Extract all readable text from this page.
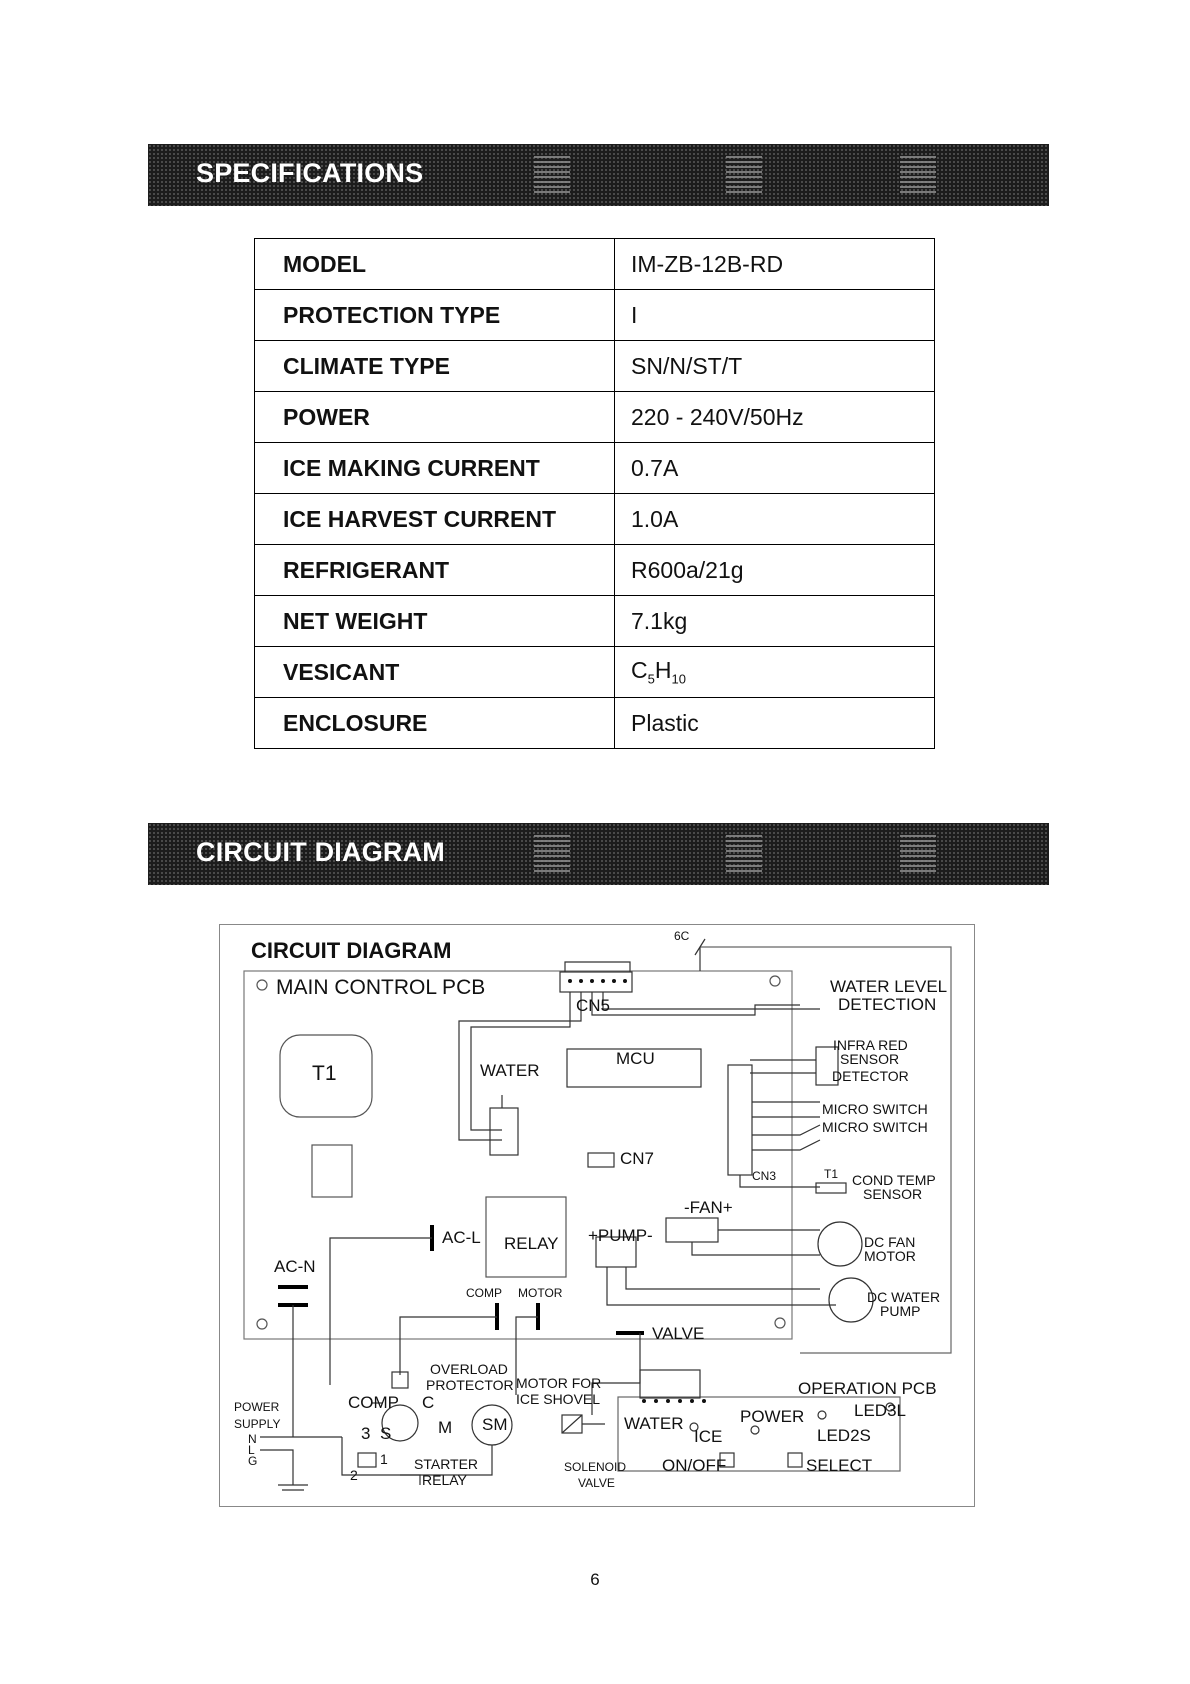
SPECIFICATIONS
MODEL	IM-ZB-12B-RD
PROTECTION TYPE	I
CLIMATE TYPE	SN/N/ST/T
POWER	220 - 240V/50Hz
ICE MAKING CURRENT	0.7A
ICE HARVEST CURRENT	1.0A
REFRIGERANT	R600a/21g
NET WEIGHT	7.1kg
VESICANT	$C_5H_{10}$
ENCLOSURE	Plastic
CIRCUIT DIAGRAM
CIRCUIT DIAGRAM
MAIN CONTROL PCB
6C
CN5
WATER LEVEL
DETECTION
T1	WATER
MCU
INFRA RED
SENSOR
DETECTOR
MICRO SWITCH
MICRO SWITCH
CN7
CN3	T1 COND TEMP
SENSOR
-FAN+
AC-L RELAY +PUMP-	DC FAN
MOTOR
AC-N
COMP MOTOR	DC WATER
PUMP
VALVE
OVERLOAD
PROTECTOR MOTOR FOR
ICE SHOVEL
OPERATION PCB
POWER
SUPPLY
COMP C
M
S
3
1
2
SM	WATER
ICE
POWER	LED3L
LED2S
N
L
G	STARTER
RELAY
SOLENOID
VALVE
ON/OFF	SELECT
6
